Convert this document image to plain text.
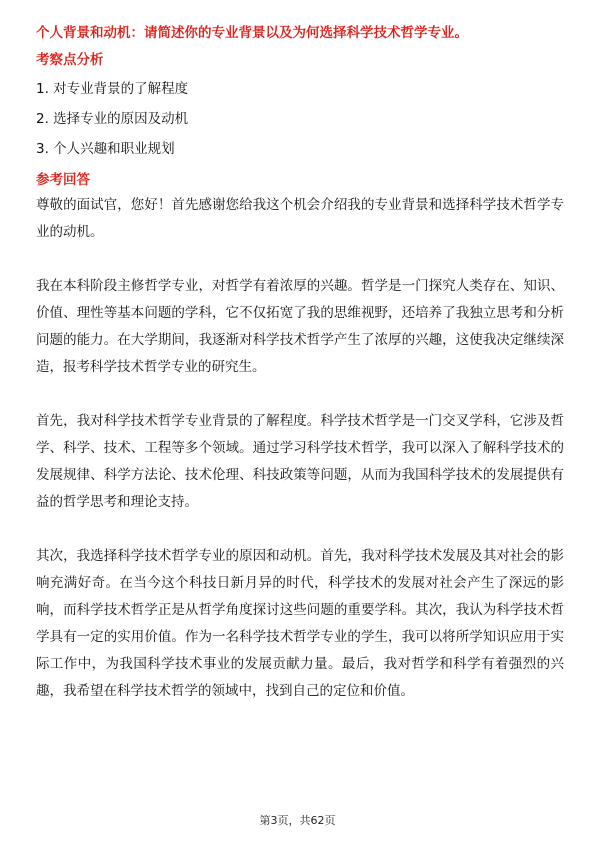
个人背景和动机：请简述你的专业背景以及为何选择科学技术哲学专业。
考察点分析
1. 对专业背景的了解程度
2. 选择专业的原因及动机
3. 个人兴趣和职业规划
参考回答

尊敬的面试官，您好！首先感谢您给我这个机会介绍我的专业背景和选择科学技术哲学专业的动机。

我在本科阶段主修哲学专业，对哲学有着浓厚的兴趣。哲学是一门探究人类存在、知识、价值、理性等基本问题的学科，它不仅拓宽了我的思维视野，还培养了我独立思考和分析问题的能力。在大学期间，我逐渐对科学技术哲学产生了浓厚的兴趣，这使我决定继续深造，报考科学技术哲学专业的研究生。

首先，我对科学技术哲学专业背景的了解程度。科学技术哲学是一门交叉学科，它涉及哲学、科学、技术、工程等多个领域。通过学习科学技术哲学，我可以深入了解科学技术的发展规律、科学方法论、技术伦理、科技政策等问题，从而为我国科学技术的发展提供有益的哲学思考和理论支持。

其次，我选择科学技术哲学专业的原因和动机。首先，我对科学技术发展及其对社会的影响充满好奇。在当今这个科技日新月异的时代，科学技术的发展对社会产生了深远的影响，而科学技术哲学正是从哲学角度探讨这些问题的重要学科。其次，我认为科学技术哲学具有一定的实用价值。作为一名科学技术哲学专业的学生，我可以将所学知识应用于实际工作中，为我国科学技术事业的发展贡献力量。最后，我对哲学和科学有着强烈的兴趣，我希望在科学技术哲学的领域中，找到自己的定位和价值。

第3页，共62页
